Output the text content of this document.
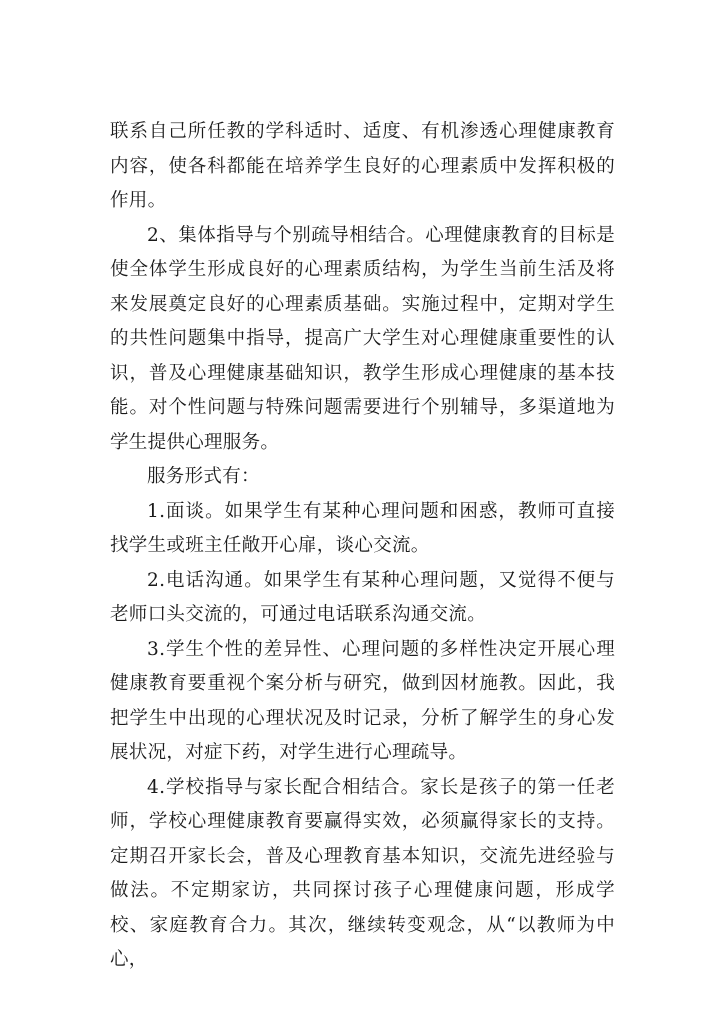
联系自己所任教的学科适时、适度、有机渗透心理健康教育内容，使各科都能在培养学生良好的心理素质中发挥积极的作用。

2、集体指导与个别疏导相结合。心理健康教育的目标是使全体学生形成良好的心理素质结构，为学生当前生活及将来发展奠定良好的心理素质基础。实施过程中，定期对学生的共性问题集中指导，提高广大学生对心理健康重要性的认识，普及心理健康基础知识，教学生形成心理健康的基本技能。对个性问题与特殊问题需要进行个别辅导，多渠道地为学生提供心理服务。

服务形式有：

1.面谈。如果学生有某种心理问题和困惑，教师可直接找学生或班主任敞开心扉，谈心交流。

2.电话沟通。如果学生有某种心理问题，又觉得不便与老师口头交流的，可通过电话联系沟通交流。

3.学生个性的差异性、心理问题的多样性决定开展心理健康教育要重视个案分析与研究，做到因材施教。因此，我把学生中出现的心理状况及时记录，分析了解学生的身心发展状况，对症下药，对学生进行心理疏导。

4.学校指导与家长配合相结合。家长是孩子的第一任老师，学校心理健康教育要赢得实效，必须赢得家长的支持。定期召开家长会，普及心理教育基本知识，交流先进经验与做法。不定期家访，共同探讨孩子心理健康问题，形成学校、家庭教育合力。其次，继续转变观念，从“以教师为中心，
